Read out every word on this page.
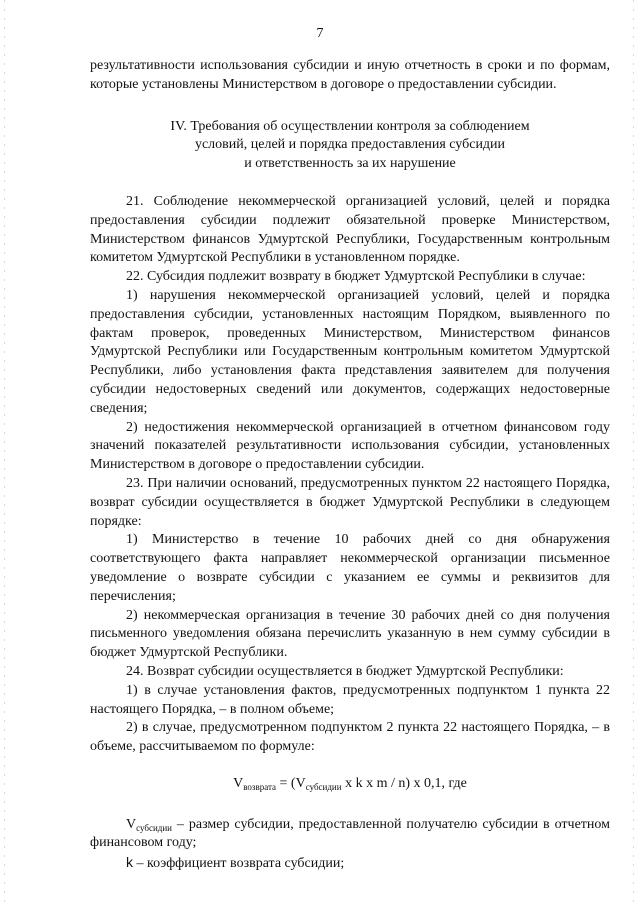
7

результативности использования субсидии и иную отчетность в сроки и по формам, которые установлены Министерством в договоре о предоставлении субсидии.

IV. Требования об осуществлении контроля за соблюдением
условий, целей и порядка предоставления субсидии
и ответственность за их нарушение

21. Соблюдение некоммерческой организацией условий, целей и порядка предоставления субсидии подлежит обязательной проверке Министерством, Министерством финансов Удмуртской Республики, Государственным контрольным комитетом Удмуртской Республики в установленном порядке.

22. Субсидия подлежит возврату в бюджет Удмуртской Республики в случае:

1) нарушения некоммерческой организацией условий, целей и порядка предоставления субсидии, установленных настоящим Порядком, выявленного по фактам проверок, проведенных Министерством, Министерством финансов Удмуртской Республики или Государственным контрольным комитетом Удмуртской Республики, либо установления факта представления заявителем для получения субсидии недостоверных сведений или документов, содержащих недостоверные сведения;

2) недостижения некоммерческой организацией в отчетном финансовом году значений показателей результативности использования субсидии, установленных Министерством в договоре о предоставлении субсидии.

23. При наличии оснований, предусмотренных пунктом 22 настоящего Порядка, возврат субсидии осуществляется в бюджет Удмуртской Республики в следующем порядке:

1) Министерство в течение 10 рабочих дней со дня обнаружения соответствующего факта направляет некоммерческой организации письменное уведомление о возврате субсидии с указанием ее суммы и реквизитов для перечисления;

2) некоммерческая организация в течение 30 рабочих дней со дня получения письменного уведомления обязана перечислить указанную в нем сумму субсидии в бюджет Удмуртской Республики.

24. Возврат субсидии осуществляется в бюджет Удмуртской Республики:

1) в случае установления фактов, предусмотренных подпунктом 1 пункта 22 настоящего Порядка, – в полном объеме;

2) в случае, предусмотренном подпунктом 2 пункта 22 настоящего Порядка, – в объеме, рассчитываемом по формуле:

$V_{возврата} = (V_{субсидии}$ x k x m / n) x 0,1, где

$V_{субсидии}$ – размер субсидии, предоставленной получателю субсидии в отчетном финансовом году;

k – коэффициент возврата субсидии;
